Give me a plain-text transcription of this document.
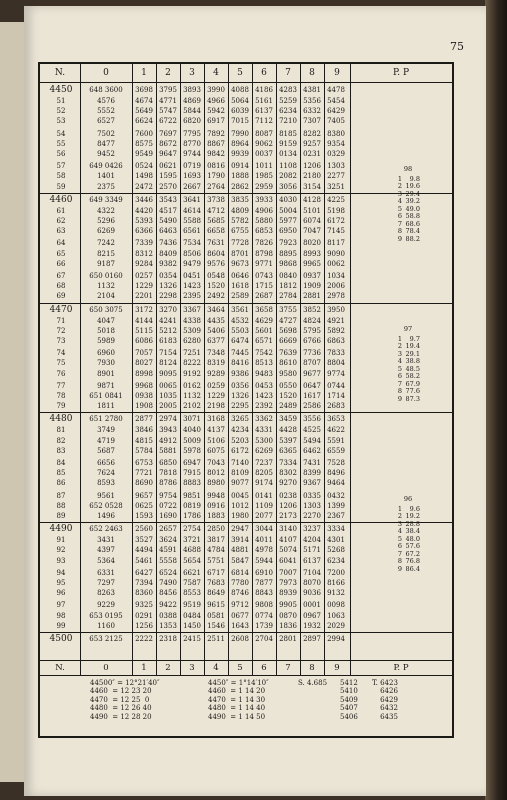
75
N.	0	1	2	3	4	5	6	7	8	9	P. P
4450	648 3600	3698 3795 3893 3990 4088 4186 4283 4381 4478
51	4576	4674 4771 4869 4966 5064 5161 5259 5356 5454
52	5552	5649 5747 5844 5942 6039 6137 6234 6332 6429
53	6527	6624 6722 6820 6917 7015 7112 7210 7307 7405
54	7502	7600 7697 7795 7892 7990 8087 8185 8282 8380
55	8477	8575 8672 8770 8867 8964 9062 9159 9257 9354
56	9452	9549 9647 9744 9842 9939 0037 0134 0231 0329
57	649 0426	0524 0621 0719 0816 0914 1011 1108 1206 1303
58	1401	1498 1595 1693 1790 1888 1985 2082 2180 2277
59	2375	2472 2570 2667 2764 2862 2959 3056 3154 3251
4460	649 3349	3446 3543 3641 3738 3835 3933 4030 4128 4225
61	4322	4420 4517 4614 4712 4809 4906 5004 5101 5198
62	5296	5393 5490 5588 5685 5782 5880 5977 6074 6172
63	6269	6366 6463 6561 6658 6755 6853 6950 7047 7145
64	7242	7339 7436 7534 7631 7728 7826 7923 8020 8117
65	8215	8312 8409 8506 8604 8701 8798 8895 8993 9090
66	9187	9284 9382 9479 9576 9673 9771 9868 9965 0062
67	650 0160	0257 0354 0451 0548 0646 0743 0840 0937 1034
68	1132	1229 1326 1423 1520 1618 1715 1812 1909 2006
69	2104	2201 2298 2395 2492 2589 2687 2784 2881 2978
4470	650 3075	3172 3270 3367 3464 3561 3658 3755 3852 3950
71	4047	4144 4241 4338 4435 4532 4629 4727 4824 4921
72	5018	5115 5212 5309 5406 5503 5601 5698 5795 5892
73	5989	6086 6183 6280 6377 6474 6571 6669 6766 6863
74	6960	7057 7154 7251 7348 7445 7542 7639 7736 7833
75	7930	8027 8124 8222 8319 8416 8513 8610 8707 8804
76	8901	8998 9095 9192 9289 9386 9483 9580 9677 9774
77	9871	9968 0065 0162 0259 0356 0453 0550 0647 0744
78	651 0841	0938 1035 1132 1229 1326 1423 1520 1617 1714
79	1811	1908 2005 2102 2198 2295 2392 2489 2586 2683
4480	651 2780	2877 2974 3071 3168 3265 3362 3459 3556 3653
81	3749	3846 3943 4040 4137 4234 4331 4428 4525 4622
82	4719	4815 4912 5009 5106 5203 5300 5397 5494 5591
83	5687	5784 5881 5978 6075 6172 6269 6365 6462 6559
84	6656	6753 6850 6947 7043 7140 7237 7334 7431 7528
85	7624	7721 7818 7915 8012 8109 8205 8302 8399 8496
86	8593	8690 8786 8883 8980 9077 9174 9270 9367 9464
87	9561	9657 9754 9851 9948 0045 0141 0238 0335 0432
88	652 0528	0625 0722 0819 0916 1012 1109 1206 1303 1399
89	1496	1593 1690 1786 1883 1980 2077 2173 2270 2367
4490	652 2463	2560 2657 2754 2850 2947 3044 3140 3237 3334
91	3431	3527 3624 3721 3817 3914 4011 4107 4204 4301
92	4397	4494 4591 4688 4784 4881 4978 5074 5171 5268
93	5364	5461 5558 5654 5751 5847 5944 6041 6137 6234
94	6331	6427 6524 6621 6717 6814 6910 7007 7104 7200
95	7297	7394 7490 7587 7683 7780 7877 7973 8070 8166
96	8263	8360 8456 8553 8649 8746 8843 8939 9036 9132
97	9229	9325 9422 9519 9615 9712 9808 9905 0001 0098
98	653 0195	0291 0388 0484 0581 0677 0774 0870 0967 1063
99	1160	1256 1353 1450 1546 1643 1739 1836 1932 2029
4500	653 2125	2222 2318 2415 2511 2608 2704 2801 2897 2994
98
1 9.8
2 19.6
3 29.4
4 39.2
5 49.0
6 58.8
7 68.6
8 78.4
9 88.2
97
1 9.7
2 19.4
3 29.1
4 38.8
5 48.5
6 58.2
7 67.9
8 77.6
9 87.3
96
1 9.6
2 19.2
3 28.8
4 38.4
5 48.0
6 57.6
7 67.2
8 76.8
9 86.4
N.	0	1	2	3	4	5	6	7	8	9	P. P
44500″ = 12°21′40″
4460  = 12 23 20
4470  = 12 25  0
4480  = 12 26 40
4490  = 12 28 20
4450″ = 1°14′10″
4460  = 1 14 20
4470  = 1 14 30
4480  = 1 14 40
4490  = 1 14 50
S. 4.685 5412
5410
5409
5407
5406
T. 6423
6426
6429
6432
6435
